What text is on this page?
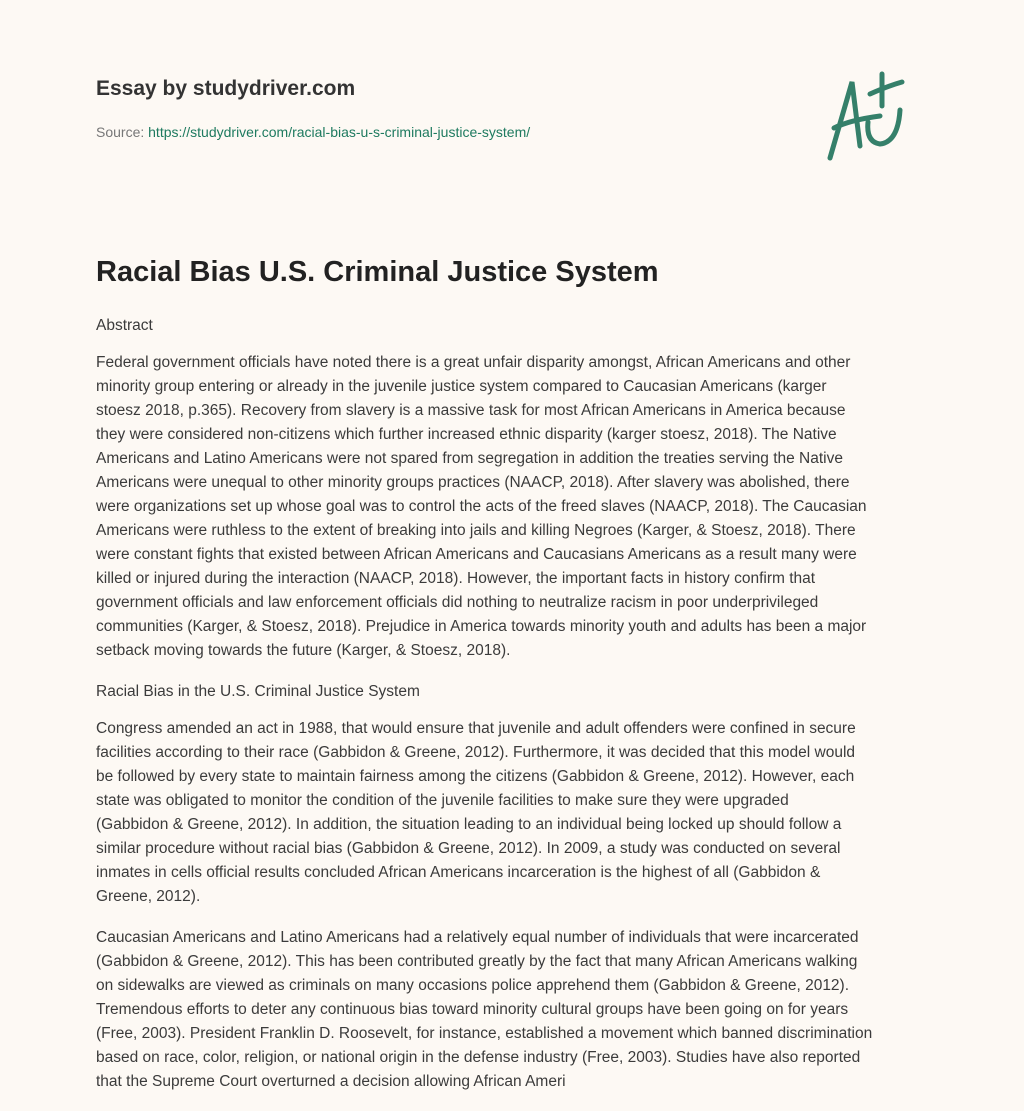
Essay by studydriver.com
Source: https://studydriver.com/racial-bias-u-s-criminal-justice-system/
Racial Bias U.S. Criminal Justice System
Abstract
Federal government officials have noted there is a great unfair disparity amongst, African Americans and other
minority group entering or already in the juvenile justice system compared to Caucasian Americans (karger
stoesz 2018, p.365). Recovery from slavery is a massive task for most African Americans in America because
they were considered non-citizens which further increased ethnic disparity (karger stoesz, 2018). The Native
Americans and Latino Americans were not spared from segregation in addition the treaties serving the Native
Americans were unequal to other minority groups practices (NAACP, 2018). After slavery was abolished, there
were organizations set up whose goal was to control the acts of the freed slaves (NAACP, 2018). The Caucasian
Americans were ruthless to the extent of breaking into jails and killing Negroes (Karger, & Stoesz, 2018). There
were constant fights that existed between African Americans and Caucasians Americans as a result many were
killed or injured during the interaction (NAACP, 2018). However, the important facts in history confirm that
government officials and law enforcement officials did nothing to neutralize racism in poor underprivileged
communities (Karger, & Stoesz, 2018). Prejudice in America towards minority youth and adults has been a major
setback moving towards the future (Karger, & Stoesz, 2018).
Racial Bias in the U.S. Criminal Justice System
Congress amended an act in 1988, that would ensure that juvenile and adult offenders were confined in secure
facilities according to their race (Gabbidon & Greene, 2012). Furthermore, it was decided that this model would
be followed by every state to maintain fairness among the citizens (Gabbidon & Greene, 2012). However, each
state was obligated to monitor the condition of the juvenile facilities to make sure they were upgraded
(Gabbidon & Greene, 2012). In addition, the situation leading to an individual being locked up should follow a
similar procedure without racial bias (Gabbidon & Greene, 2012). In 2009, a study was conducted on several
inmates in cells official results concluded African Americans incarceration is the highest of all (Gabbidon &
Greene, 2012).
Caucasian Americans and Latino Americans had a relatively equal number of individuals that were incarcerated
(Gabbidon & Greene, 2012). This has been contributed greatly by the fact that many African Americans walking
on sidewalks are viewed as criminals on many occasions police apprehend them (Gabbidon & Greene, 2012).
Tremendous efforts to deter any continuous bias toward minority cultural groups have been going on for years
(Free, 2003). President Franklin D. Roosevelt, for instance, established a movement which banned discrimination
based on race, color, religion, or national origin in the defense industry (Free, 2003). Studies have also reported
that the Supreme Court overturned a decision allowing African Ameri
